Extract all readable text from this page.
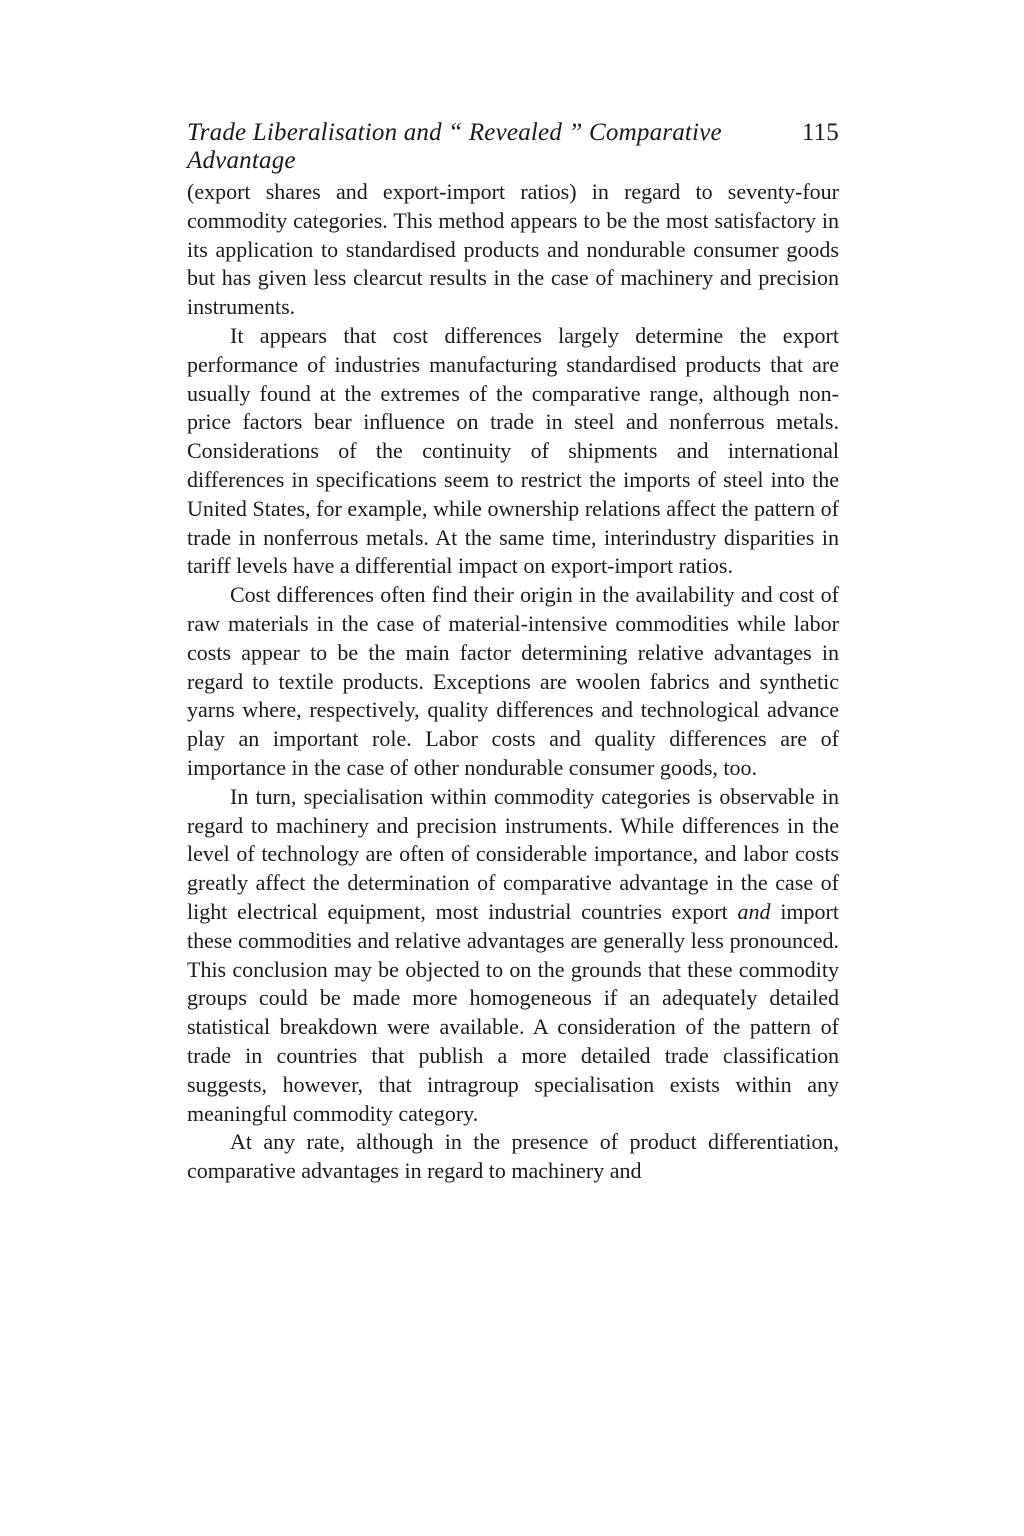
Trade Liberalisation and “ Revealed ” Comparative Advantage
115

(export shares and export-import ratios) in regard to seventy-four commodity categories. This method appears to be the most satisfactory in its application to standardised products and nondurable consumer goods but has given less clearcut results in the case of machinery and precision instruments.

It appears that cost differences largely determine the export performance of industries manufacturing standardised products that are usually found at the extremes of the comparative range, although non-price factors bear influence on trade in steel and nonferrous metals. Considerations of the continuity of shipments and international differences in specifications seem to restrict the imports of steel into the United States, for example, while ownership relations affect the pattern of trade in nonferrous metals. At the same time, interindustry disparities in tariff levels have a differential impact on export-import ratios.

Cost differences often find their origin in the availability and cost of raw materials in the case of material-intensive commodities while labor costs appear to be the main factor determining relative advantages in regard to textile products. Exceptions are woolen fabrics and synthetic yarns where, respectively, quality differences and technological advance play an important role. Labor costs and quality differences are of importance in the case of other nondurable consumer goods, too.

In turn, specialisation within commodity categories is observable in regard to machinery and precision instruments. While differences in the level of technology are often of considerable importance, and labor costs greatly affect the determination of comparative advantage in the case of light electrical equipment, most industrial countries export and import these commodities and relative advantages are generally less pronounced. This conclusion may be objected to on the grounds that these commodity groups could be made more homogeneous if an adequately detailed statistical breakdown were available. A consideration of the pattern of trade in countries that publish a more detailed trade classification suggests, however, that intragroup specialisation exists within any meaningful commodity category.

At any rate, although in the presence of product differentiation, comparative advantages in regard to machinery and
